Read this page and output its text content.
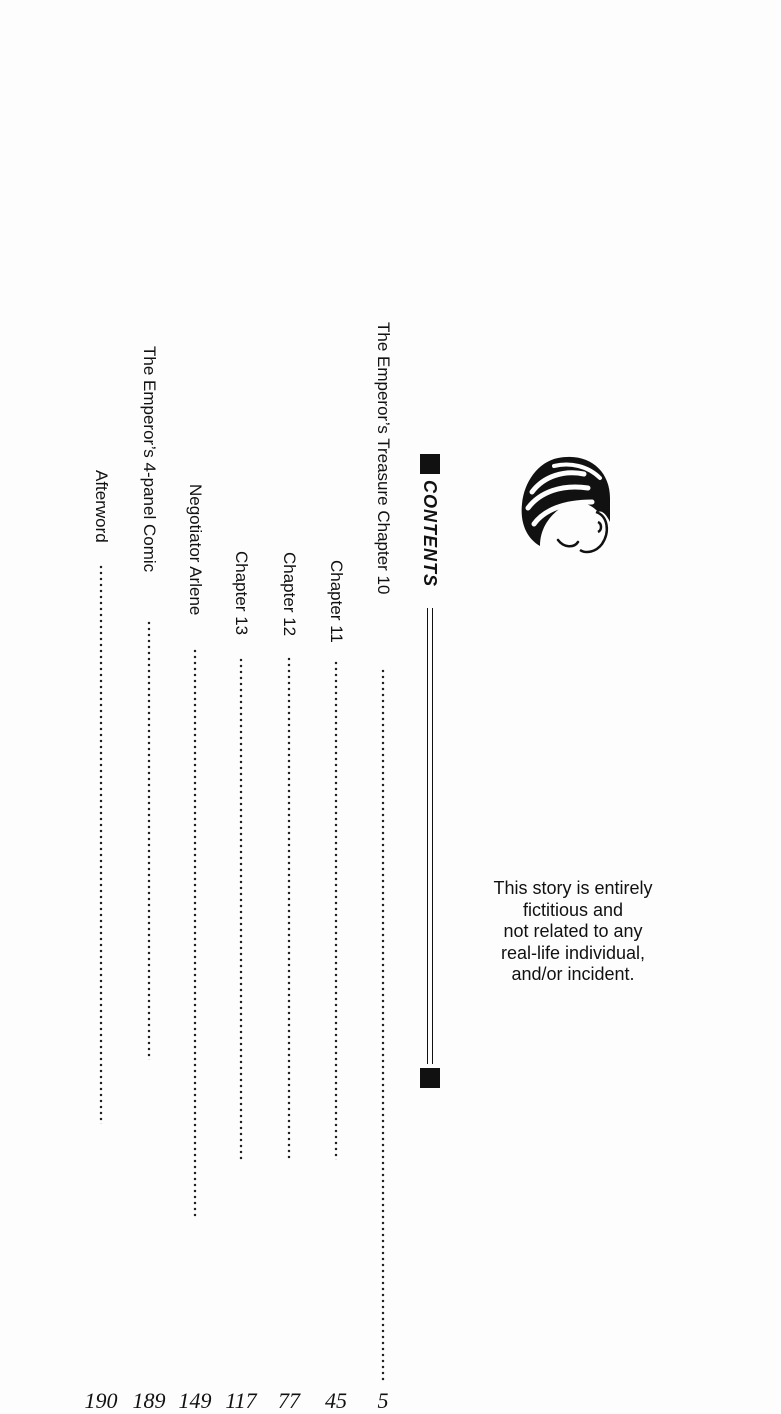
CONTENTS
The Emperor’s Treasure Chapter 10
5
Chapter 11
45
Chapter 12
77
Chapter 13
117
Negotiator Arlene
149
The Emperor’s 4-panel Comic
189
Afterword
190
This story is entirely
fictitious and
not related to any
real-life individual,
and/or incident.
